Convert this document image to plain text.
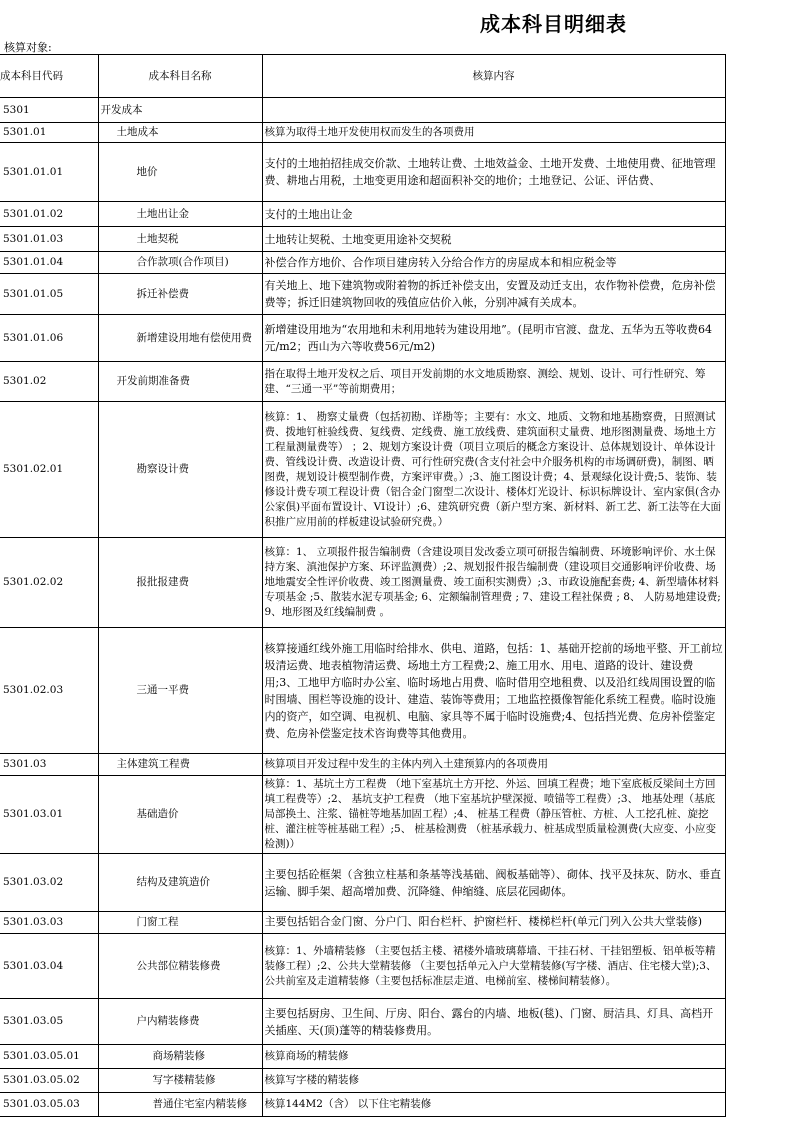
成本科目明细表
核算对象:
成本科目代码	成本科目名称	核算内容
5301	开发成本	
5301.01	土地成本	核算为取得土地开发使用权而发生的各项费用
5301.01.01	地价	支付的土地拍招挂成交价款、土地转让费、土地效益金、土地开发费、土地使用费、征地管理费、耕地占用税，土地变更用途和超面积补交的地价；土地登记、公证、评估费、
5301.01.02	土地出让金	支付的土地出让金
5301.01.03	土地契税	土地转让契税、土地变更用途补交契税
5301.01.04	合作款项(合作项目)	补偿合作方地价、合作项目建房转入分给合作方的房屋成本和相应税金等
5301.01.05	拆迁补偿费	有关地上、地下建筑物或附着物的拆迁补偿支出，安置及动迁支出，农作物补偿费，危房补偿费等；拆迁旧建筑物回收的残值应估价入帐，分别冲减有关成本。
5301.01.06	新增建设用地有偿使用费	新增建设用地为“农用地和未利用地转为建设用地”。(昆明市官渡、盘龙、五华为五等收费64元/m2；西山为六等收费56元/m2)
5301.02	开发前期准备费	指在取得土地开发权之后、项目开发前期的水文地质勘察、测绘、规划、设计、可行性研究、筹建、“三通一平”等前期费用；
5301.02.01	勘察设计费	核算：1、 勘察丈量费（包括初勘、详勘等；主要有：水文、地质、文物和地基勘察费，日照测试费、拨地钉桩验线费、复线费、定线费、施工放线费、建筑面积丈量费、地形图测量费、场地土方工程量测量费等） ；2、规划方案设计费（项目立项后的概念方案设计、总体规划设计、单体设计费、管线设计费、改造设计费、可行性研究费(含支付社会中介服务机构的市场调研费)，制图、晒图费，规划设计模型制作费，方案评审费。）;3、施工图设计费；4、景观绿化设计费;5、装饰、装修设计费专项工程设计费（铝合金门窗型二次设计、楼体灯光设计、标识标牌设计、室内家俱(含办公家俱)平面布置设计、VI设计）;6、建筑研究费（新户型方案、新材料、新工艺、新工法等在大面积推广应用前的样板建设试验研究费。）
5301.02.02	报批报建费	核算：1、 立项报件报告编制费（含建设项目发改委立项可研报告编制费、环境影响评价、水土保持方案、滇池保护方案、环评监测费）;2、规划报件报告编制费（建设项目交通影响评价收费、场地地震安全性评价收费、竣工图测量费、竣工面积实测费）;3、市政设施配套费; 4、新型墙体材料专项基金 ;5、散装水泥专项基金; 6、定额编制管理费 ; 7、建设工程社保费 ; 8、 人防易地建设费; 9、地形图及红线编制费 。
5301.02.03	三通一平费	核算接通红线外施工用临时给排水、供电、道路，包括：1、基础开挖前的场地平整、开工前垃圾清运费、地表植物清运费、场地土方工程费;2、施工用水、用电、道路的设计、建设费用;3、工地甲方临时办公室、临时场地占用费、临时借用空地租费、以及沿红线周围设置的临时围墙、围栏等设施的设计、建造、装饰等费用；工地监控摄像智能化系统工程费。临时设施内的资产，如空调、电视机、电脑、家具等不属于临时设施费;4、包括挡光费、危房补偿鉴定费、危房补偿鉴定技术咨询费等其他费用。
5301.03	主体建筑工程费	核算项目开发过程中发生的主体内列入土建预算内的各项费用
5301.03.01	基础造价	核算：1、基坑土方工程费 （地下室基坑土方开挖、外运、回填工程费；地下室底板反梁间土方回填工程费等）;2、 基坑支护工程费 （地下室基坑护壁深搅、喷锚等工程费）;3、 地基处理（基底局部换土、注浆、锚桩等地基加固工程）;4、 桩基工程费（静压管桩、方桩、人工挖孔桩、旋挖桩、灌注桩等桩基础工程）;5、 桩基检测费 （桩基承载力、桩基成型质量检测费(大应变、小应变检测)）
5301.03.02	结构及建筑造价	主要包括砼框架（含独立柱基和条基等浅基础、阀板基础等）、砌体、找平及抹灰、防水、垂直运输、脚手架、超高增加费、沉降缝、伸缩缝、底层花园砌体。
5301.03.03	门窗工程	主要包括铝合金门窗、分户门、阳台栏杆、护窗栏杆、楼梯栏杆(单元门列入公共大堂装修)

5301.03.04	公共部位精装修费	核算：1、外墙精装修 （主要包括主楼、裙楼外墙玻璃幕墙、干挂石材、干挂铝塑板、铝单板等精装修工程）;2、公共大堂精装修 （主要包括单元入户大堂精装修(写字楼、酒店、住宅楼大堂);3、公共前室及走道精装修（主要包括标准层走道、电梯前室、楼梯间精装修）。
5301.03.05	户内精装修费	主要包括厨房、卫生间、厅房、阳台、露台的内墙、地板(毯)、门窗、厨洁具、灯具、高档开关插座、天(顶)蓬等的精装修费用。
5301.03.05.01	商场精装修	核算商场的精装修
5301.03.05.02	写字楼精装修	核算写字楼的精装修
5301.03.05.03	普通住宅室内精装修	核算144M2（含） 以下住宅精装修
